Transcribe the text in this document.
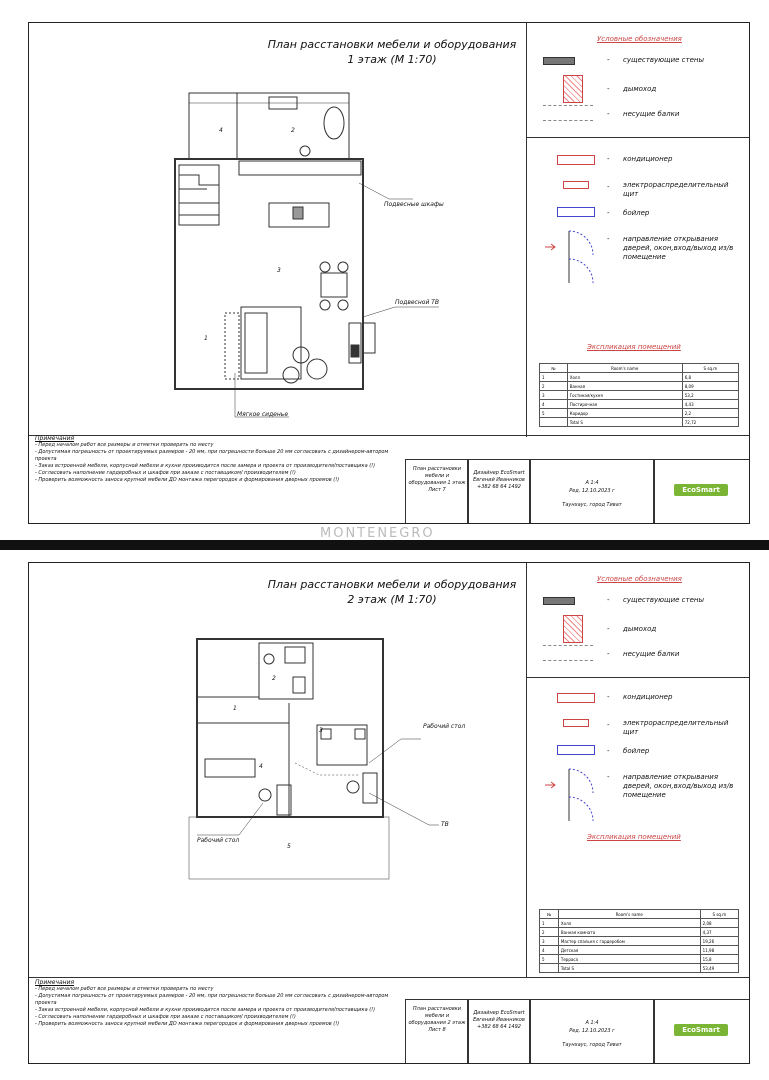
План расстановки мебели и оборудования
1 этаж (М 1:70)
Подвесные шкафы
Подвесной ТВ
Мягкое сиденье
1
2
3
4
Условные обозначения
- существующие стены
- дымоход
- несущие балки
- кондиционер
- электрораспределительный щит
- бойлер
- направление открывания дверей, окон,вход/выход из/в помещение
Экспликация помещений
№	Room's name	S sq.m
1	Холл	6,8
2	Ванная	8,09
3	Гостиная/кухня	53,2
4	Постирочная	4,43
5	Коридор	2,2
	Total S	72,72
Примечания
- Перед началом работ все размеры и отметки проверить по месту
- Допустимая погрешность от проектируемых размеров - 20 мм, при погрешности больше 20 мм согласовать с дизайнером-автором проекта
- Заказ встроенной мебели, корпусной мебели и кухни производится после замера и проекта от производителя/поставщика (!)
- Согласовать наполнение гардеробных и шкафов при заказе с поставщиком/ производителем (!)
- Проверить возможность заноса крупной мебели ДО монтажа перегородок и формирования дверных проемов (!)
План расстановки мебели и оборудования 1 этаж Лист 7
Дизайнер EcoSmart Евгений Иванников +382 68 64 1492
А 1:4
Ред. 12.10.2023 г
Таунхаус, город Тиват
EcoSmart
MONTENEGRO
План расстановки мебели и оборудования
2 этаж (М 1:70)
Рабочий стол
Рабочий стол
ТВ
1
2
3
4
5
Условные обозначения
- существующие стены
- дымоход
- несущие балки
- кондиционер
- электрораспределительный щит
- бойлер
- направление открывания дверей, окон,вход/выход из/в помещение
Экспликация помещений
№	Room's name	S sq.m
1	Холл	2,08
2	Ванная комната	4,37
3	Мастер спальня с гардеробом	19,26
4	Детская	11,98
5	Терраса	15,8
	Total S	53,49
Примечания
- Перед началом работ все размеры и отметки проверить по месту
- Допустимая погрешность от проектируемых размеров - 20 мм, при погрешности больше 20 мм согласовать с дизайнером-автором проекта
- Заказ встроенной мебели, корпусной мебели и кухни производится после замера и проекта от производителя/поставщика (!)
- Согласовать наполнение гардеробных и шкафов при заказе с поставщиком/ производителем (!)
- Проверить возможность заноса крупной мебели ДО монтажа перегородок и формирования дверных проемов (!)
План расстановки мебели и оборудования 2 этаж Лист 8
Дизайнер EcoSmart Евгений Иванников +382 68 64 1492
А 1:4
Ред. 12.10.2023 г
Таунхаус, город Тиват
EcoSmart
